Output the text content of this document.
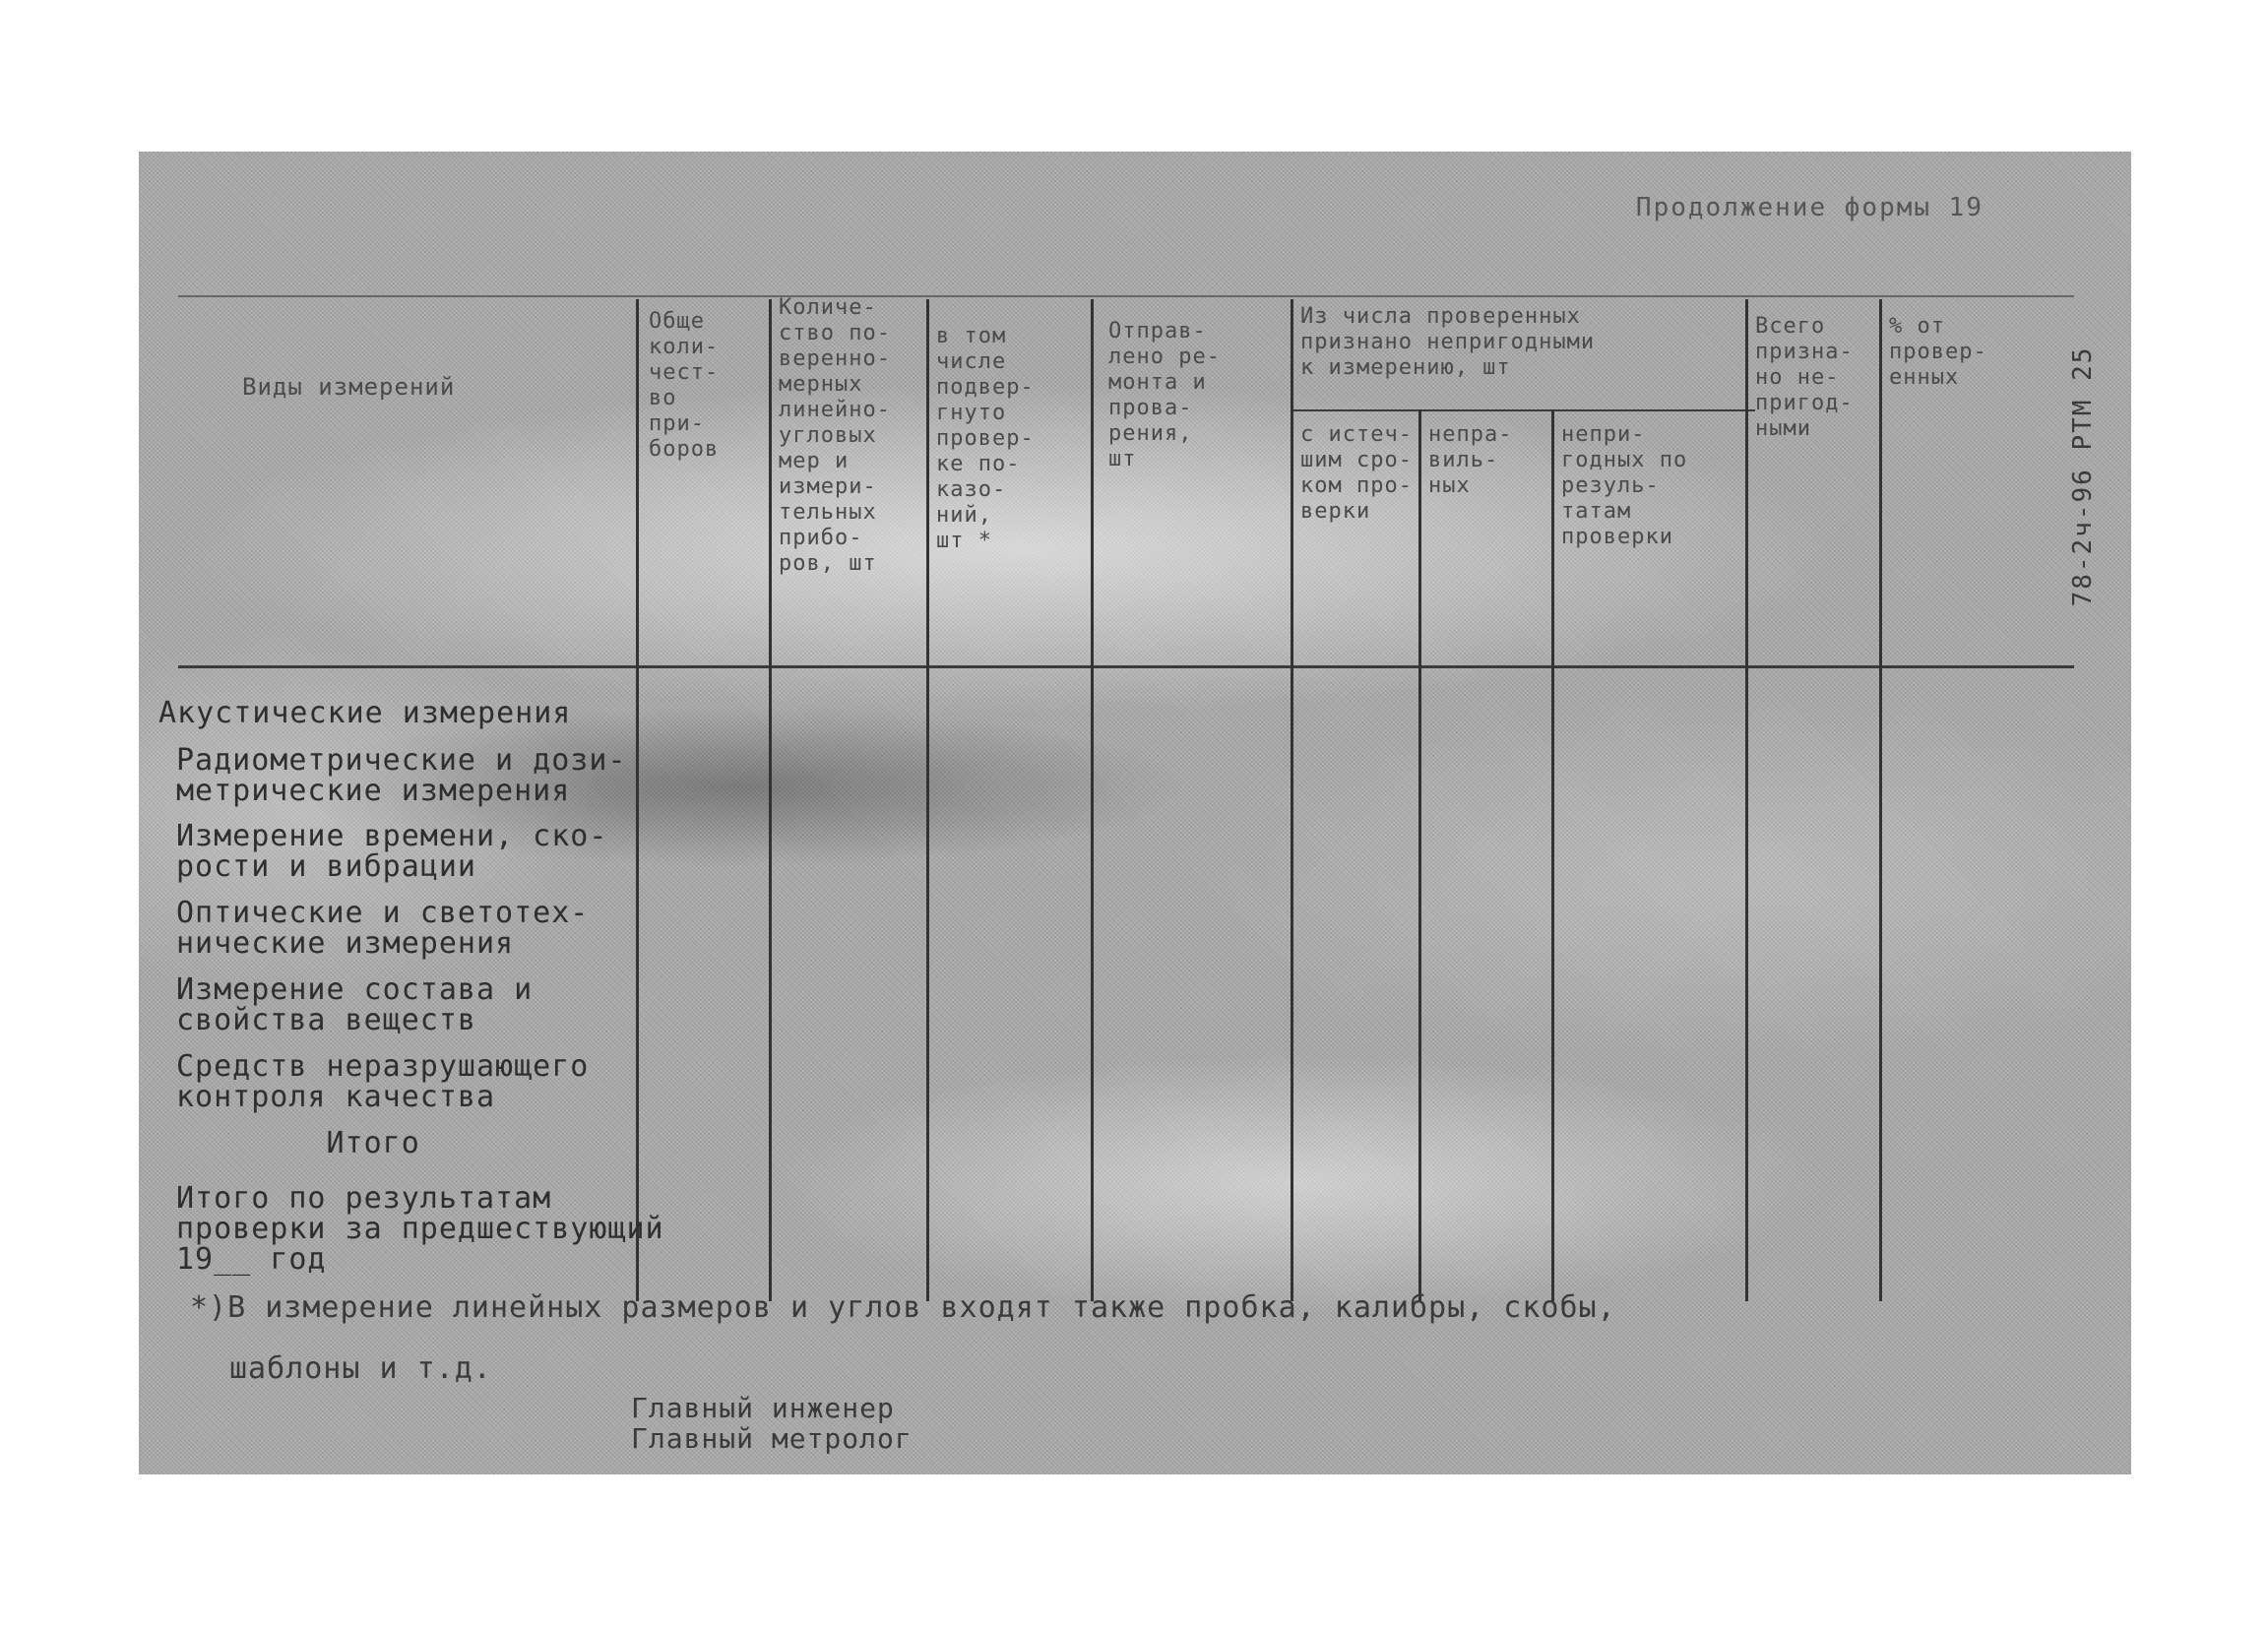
Продолжение формы 19

78-2ч-96 РТМ 25

Виды измерений

Обще
коли-
чест-
во
при-
боров

Количе-
ство по-
вереннo-
мерных
линейно-
угловых
мер и
измери-
тельных
прибо-
ров, шт

в том
числе
подвер-
гнуто
провер-
ке по-
казо-
ний,
шт *

Отправ-
лено ре-
монта и
прова-
рения,
шт

Из числа проверенных
признано непригодными
к измерению, шт

с истеч-
шим сро-
ком про-
верки

непра-
виль-
ных

непри-
годных по
резуль-
татам
проверки

Всего
призна-
но не-
пригод-
ными

% от
провер-
енных

Акустические измерения

Радиометрические и дози-
метрические измерения

Измерение времени, ско-
рости и вибрации

Оптические и светотех-
нические измерения

Измерение состава и
свойства веществ

Средств неразрушающего
контроля качества

Итого

Итого по результатам
проверки за предшествующий
19__ год

*)В измерение линейных размеров и углов входят также пробка, калибры, скобы,

шаблоны и т.д.

Главный инженер

Главный метролог
